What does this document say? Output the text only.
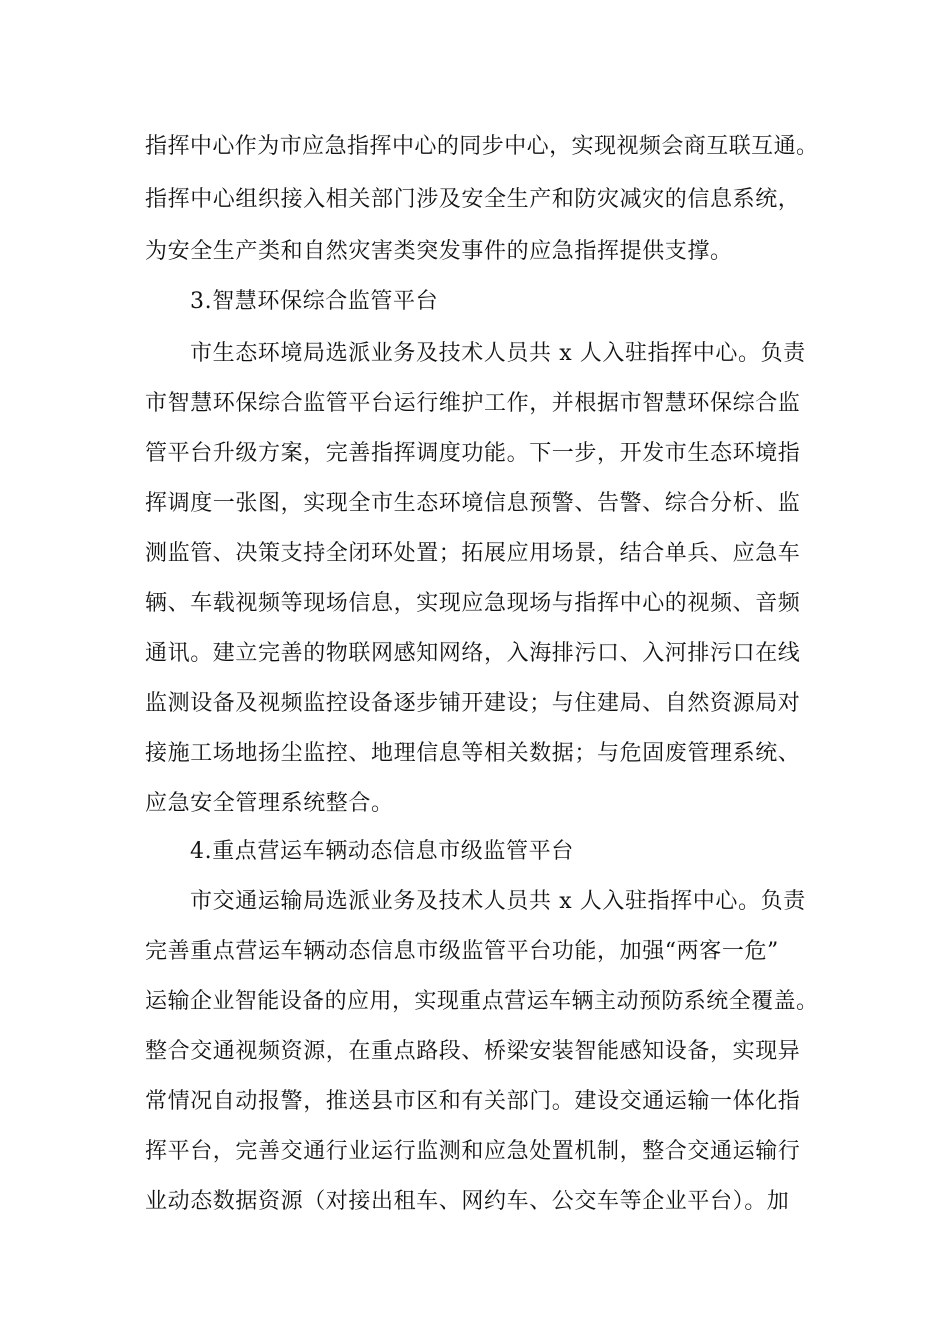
指挥中心作为市应急指挥中心的同步中心，实现视频会商互联互通。
指挥中心组织接入相关部门涉及安全生产和防灾减灾的信息系统，
为安全生产类和自然灾害类突发事件的应急指挥提供支撑。
3.智慧环保综合监管平台
市生态环境局选派业务及技术人员共 x 人入驻指挥中心。负责
市智慧环保综合监管平台运行维护工作，并根据市智慧环保综合监
管平台升级方案，完善指挥调度功能。下一步，开发市生态环境指
挥调度一张图，实现全市生态环境信息预警、告警、综合分析、监
测监管、决策支持全闭环处置；拓展应用场景，结合单兵、应急车
辆、车载视频等现场信息，实现应急现场与指挥中心的视频、音频
通讯。建立完善的物联网感知网络，入海排污口、入河排污口在线
监测设备及视频监控设备逐步铺开建设；与住建局、自然资源局对
接施工场地扬尘监控、地理信息等相关数据；与危固废管理系统、
应急安全管理系统整合。
4.重点营运车辆动态信息市级监管平台
市交通运输局选派业务及技术人员共 x 人入驻指挥中心。负责
完善重点营运车辆动态信息市级监管平台功能，加强“两客一危”
运输企业智能设备的应用，实现重点营运车辆主动预防系统全覆盖。
整合交通视频资源，在重点路段、桥梁安装智能感知设备，实现异
常情况自动报警，推送县市区和有关部门。建设交通运输一体化指
挥平台，完善交通行业运行监测和应急处置机制，整合交通运输行
业动态数据资源（对接出租车、网约车、公交车等企业平台）。加
